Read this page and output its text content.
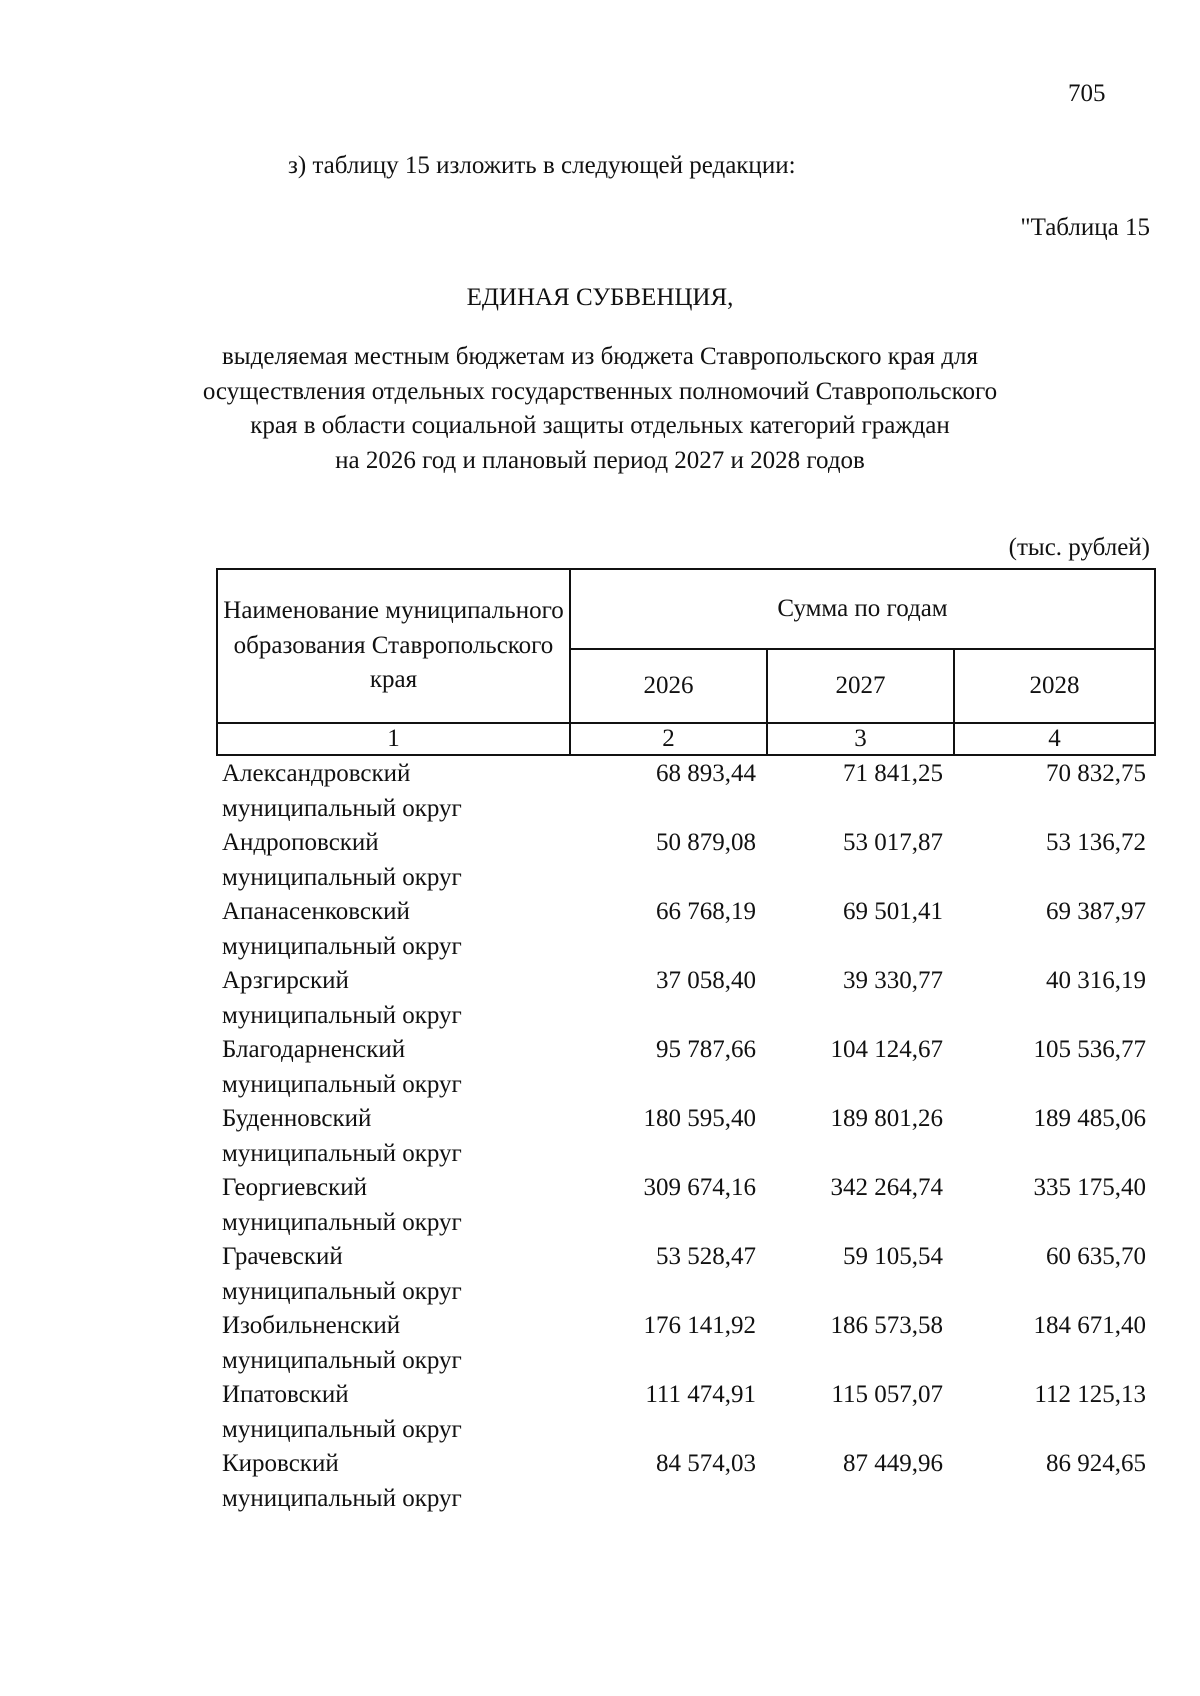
705
з) таблицу 15 изложить в следующей редакции:
"Таблица 15
ЕДИНАЯ СУБВЕНЦИЯ,
выделяемая местным бюджетам из бюджета Ставропольского края для
осуществления отдельных государственных полномочий Ставропольского
края в области социальной защиты отдельных категорий граждан
на 2026 год и плановый период 2027 и 2028 годов
(тыс. рублей)
Наименование муниципального образования Ставропольского края	Сумма по годам		
	2026	2027	2028
1	2	3	4
Александровский
муниципальный округ	68 893,44	71 841,25	70 832,75

Андроповский
муниципальный округ	50 879,08	53 017,87	53 136,72

Апанасенковский
муниципальный округ	66 768,19	69 501,41	69 387,97

Арзгирский
муниципальный округ	37 058,40	39 330,77	40 316,19

Благодарненский
муниципальный округ	95 787,66	104 124,67	105 536,77

Буденновский
муниципальный округ	180 595,40	189 801,26	189 485,06

Георгиевский
муниципальный округ	309 674,16	342 264,74	335 175,40

Грачевский
муниципальный округ	53 528,47	59 105,54	60 635,70

Изобильненский
муниципальный округ	176 141,92	186 573,58	184 671,40

Ипатовский
муниципальный округ	111 474,91	115 057,07	112 125,13

Кировский
муниципальный округ	84 574,03	87 449,96	86 924,65
